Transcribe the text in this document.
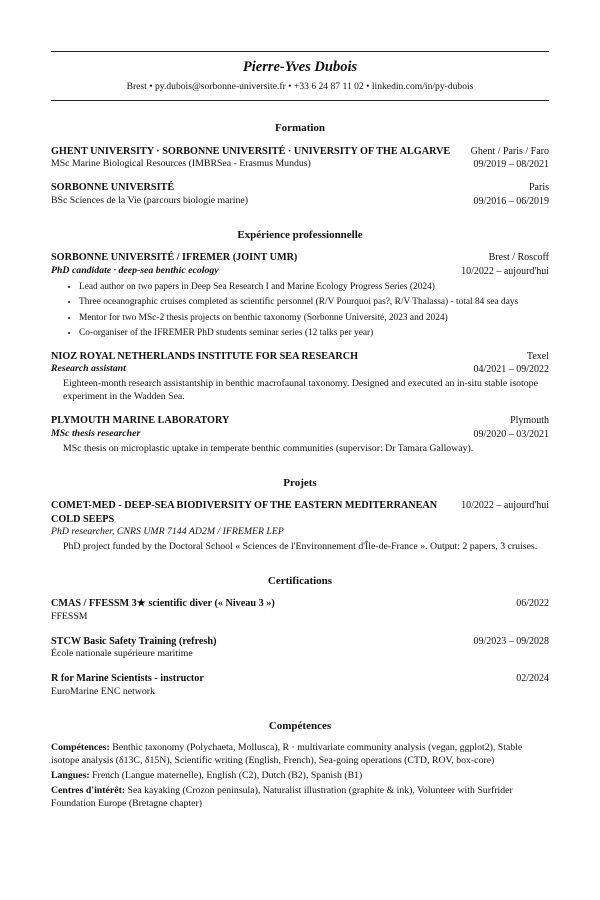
Pierre-Yves Dubois
Brest • py.dubois@sorbonne-universite.fr • +33 6 24 87 11 02 • linkedin.com/in/py-dubois
Formation
GHENT UNIVERSITY · SORBONNE UNIVERSITÉ · UNIVERSITY OF THE ALGARVE	Ghent / Paris / Faro
MSc Marine Biological Resources (IMBRSea - Erasmus Mundus)	09/2019 – 08/2021
SORBONNE UNIVERSITÉ	Paris
BSc Sciences de la Vie (parcours biologie marine)	09/2016 – 06/2019
Expérience professionnelle
SORBONNE UNIVERSITÉ / IFREMER (JOINT UMR)	Brest / Roscoff
PhD candidate · deep-sea benthic ecology	10/2022 – aujourd'hui
• Lead author on two papers in Deep Sea Research I and Marine Ecology Progress Series (2024)
• Three oceanographic cruises completed as scientific personnel (R/V Pourquoi pas?, R/V Thalassa) - total 84 sea days
• Mentor for two MSc-2 thesis projects on benthic taxonomy (Sorbonne Université, 2023 and 2024)
• Co-organiser of the IFREMER PhD students seminar series (12 talks per year)
NIOZ ROYAL NETHERLANDS INSTITUTE FOR SEA RESEARCH	Texel
Research assistant	04/2021 – 09/2022
Eighteen-month research assistantship in benthic macrofaunal taxonomy. Designed and executed an in-situ stable isotope experiment in the Wadden Sea.
PLYMOUTH MARINE LABORATORY	Plymouth
MSc thesis researcher	09/2020 – 03/2021
MSc thesis on microplastic uptake in temperate benthic communities (supervisor: Dr Tamara Galloway).
Projets
COMET-MED - DEEP-SEA BIODIVERSITY OF THE EASTERN MEDITERRANEAN COLD SEEPS
10/2022 – aujourd'hui
PhD researcher, CNRS UMR 7144 AD2M / IFREMER LEP
PhD project funded by the Doctoral School « Sciences de l'Environnement d'Île-de-France ». Output: 2 papers, 3 cruises.
Certifications
CMAS / FFESSM 3★ scientific diver (« Niveau 3 »)	06/2022
FFESSM
STCW Basic Safety Training (refresh)	09/2023 – 09/2028
École nationale supérieure maritime
R for Marine Scientists - instructor	02/2024
EuroMarine ENC network
Compétences

Compétences: Benthic taxonomy (Polychaeta, Mollusca), R · multivariate community analysis (vegan, ggplot2), Stable isotope analysis (δ13C, δ15N), Scientific writing (English, French), Sea-going operations (CTD, ROV, box-core)

Langues: French (Langue maternelle), English (C2), Dutch (B2), Spanish (B1)

Centres d'intérêt: Sea kayaking (Crozon peninsula), Naturalist illustration (graphite & ink), Volunteer with Surfrider Foundation Europe (Bretagne chapter)
